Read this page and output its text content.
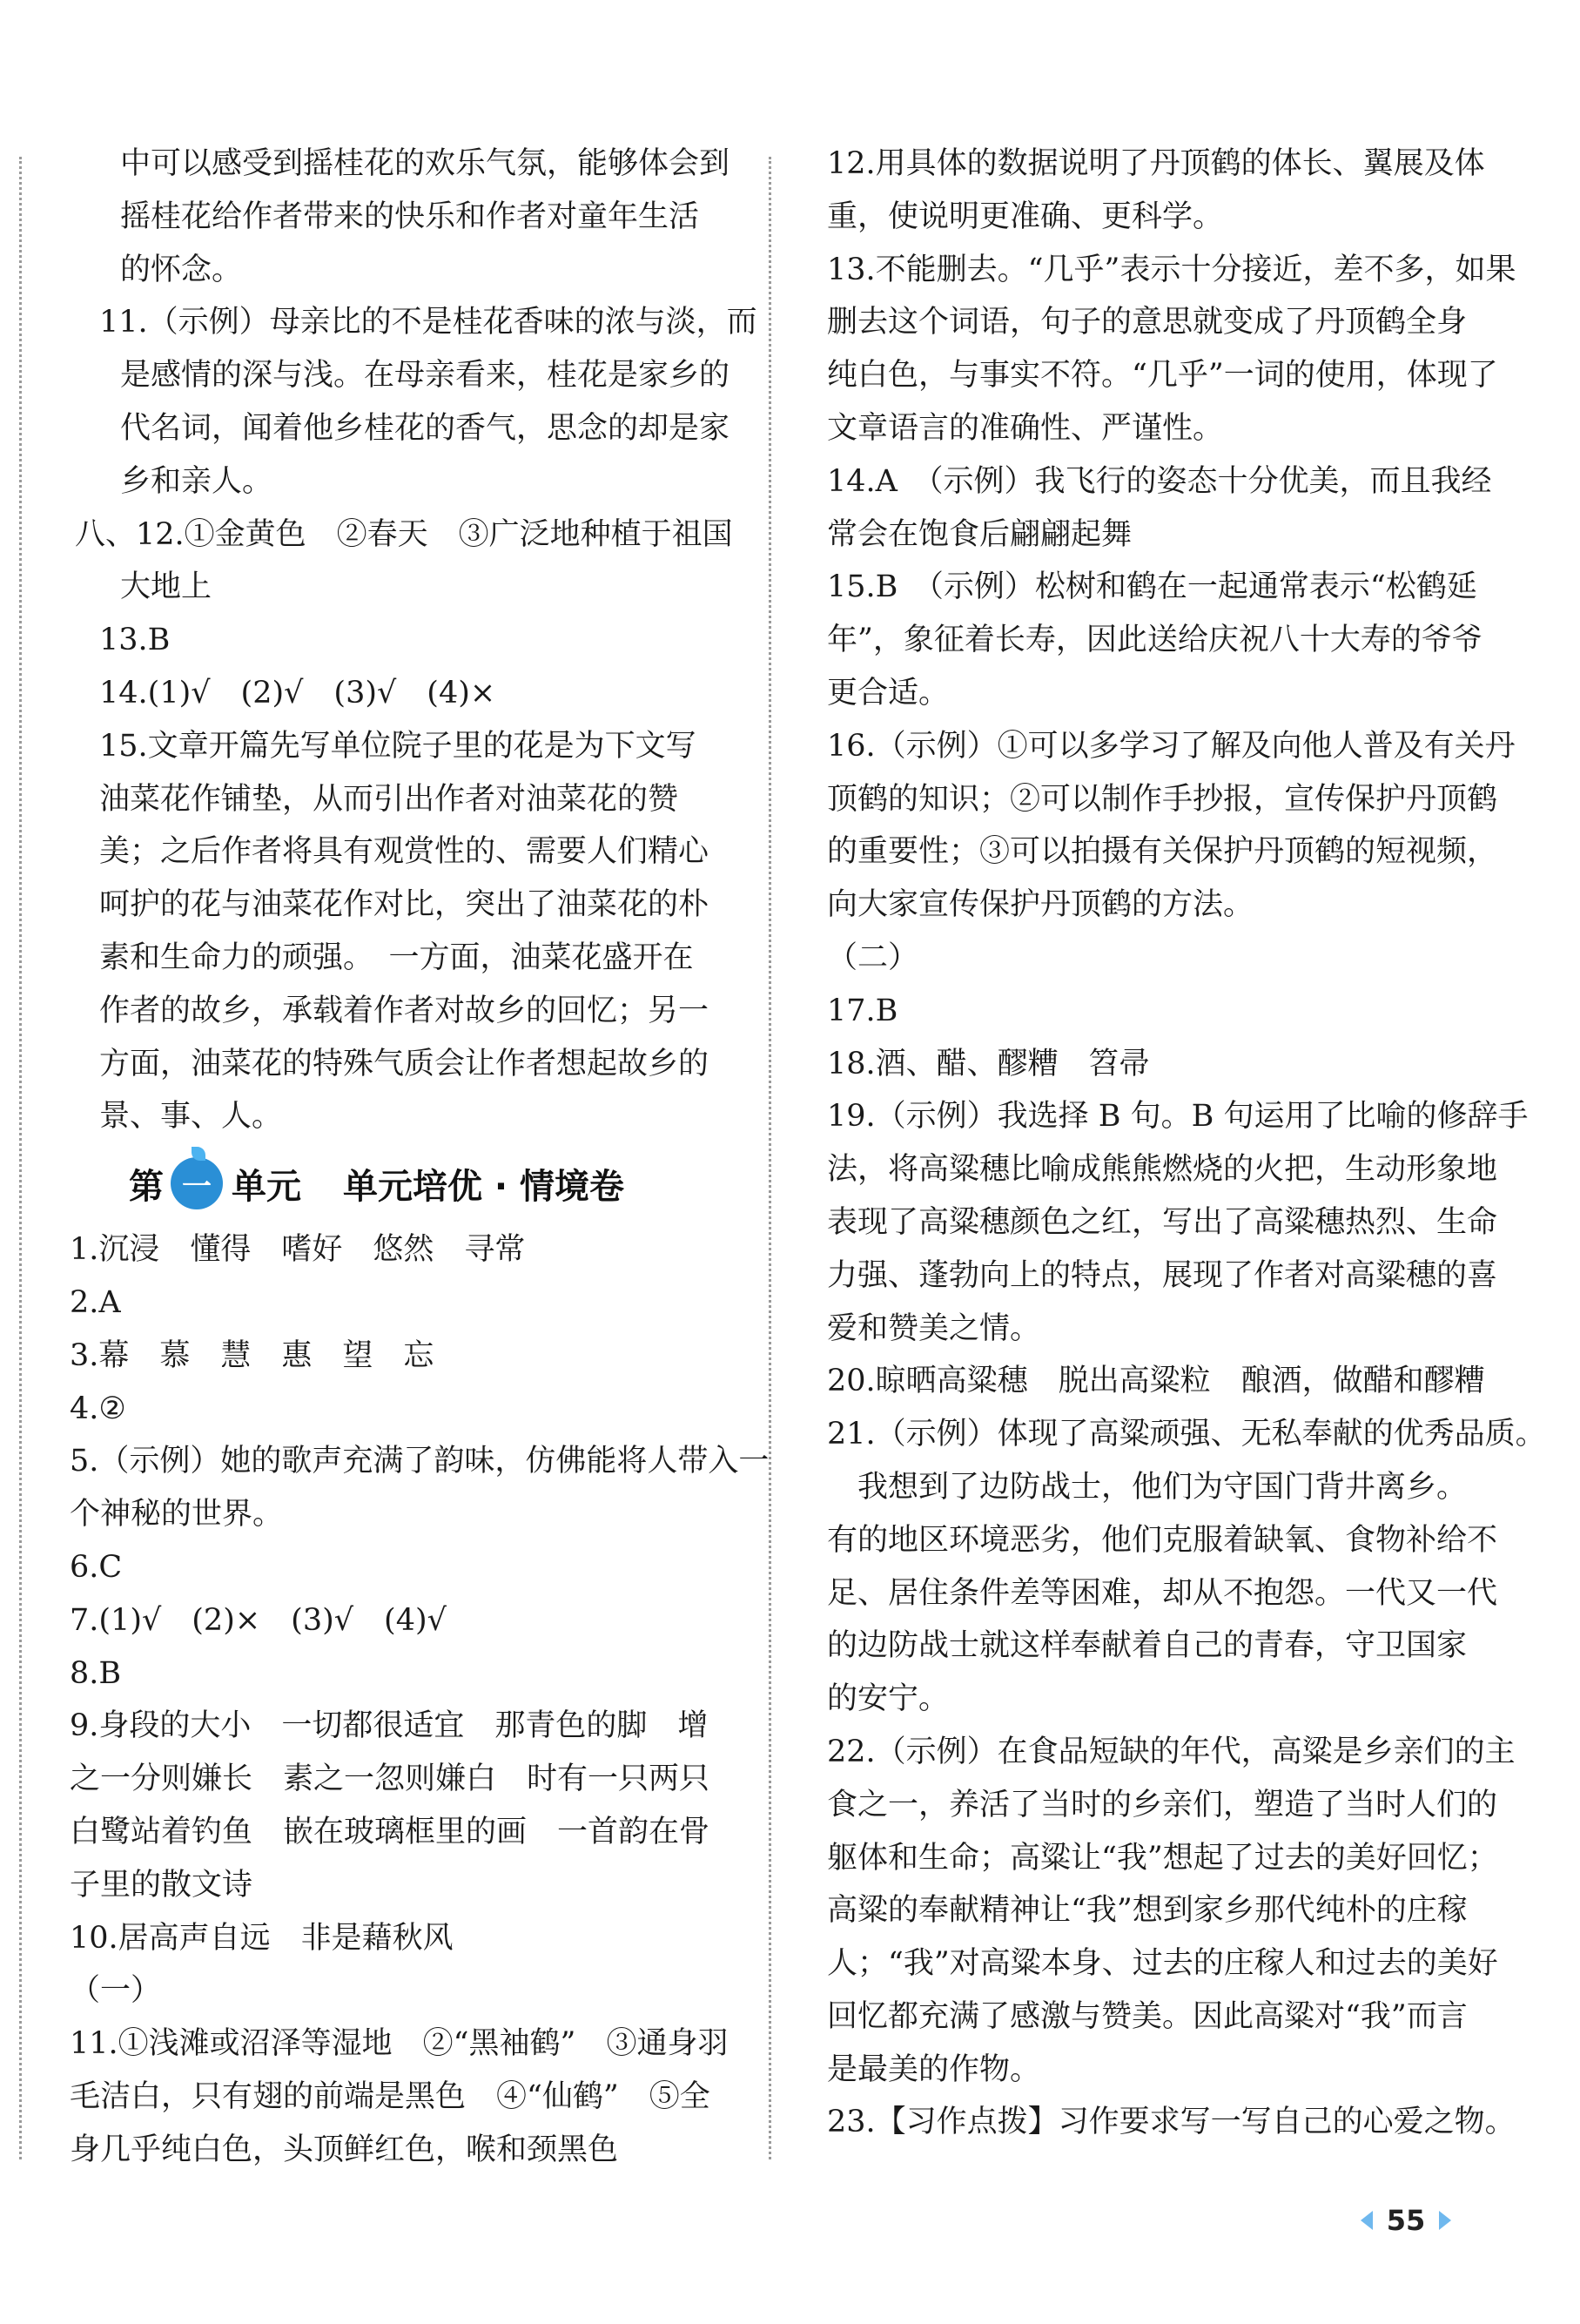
中可以感受到摇桂花的欢乐气氛，能够体会到
摇桂花给作者带来的快乐和作者对童年生活
的怀念。
11.（示例）母亲比的不是桂花香味的浓与淡，而
是感情的深与浅。在母亲看来，桂花是家乡的
代名词，闻着他乡桂花的香气，思念的却是家
乡和亲人。
八、12.①金黄色　②春天　③广泛地种植于祖国
大地上
13.B
14.(1)√　(2)√　(3)√　(4)×
15.文章开篇先写单位院子里的花是为下文写
油菜花作铺垫，从而引出作者对油菜花的赞
美；之后作者将具有观赏性的、需要人们精心
呵护的花与油菜花作对比，突出了油菜花的朴
素和生命力的顽强。　一方面，油菜花盛开在
作者的故乡，承载着作者对故乡的回忆；另一
方面，油菜花的特殊气质会让作者想起故乡的
景、事、人。
第 一 单元 单元培优 · 情境卷
1.沉浸　懂得　嗜好　悠然　寻常
2.A
3.幕　慕　慧　惠　望　忘
4.②
5.（示例）她的歌声充满了韵味，仿佛能将人带入一
个神秘的世界。
6.C
7.(1)√　(2)×　(3)√　(4)√
8.B
9.身段的大小　一切都很适宜　那青色的脚　增
之一分则嫌长　素之一忽则嫌白　时有一只两只
白鹭站着钓鱼　嵌在玻璃框里的画　一首韵在骨
子里的散文诗
10.居高声自远　非是藉秋风
（一）
11.①浅滩或沼泽等湿地　②“黑袖鹤”　③通身羽
毛洁白，只有翅的前端是黑色　④“仙鹤”　⑤全
身几乎纯白色，头顶鲜红色，喉和颈黑色
12.用具体的数据说明了丹顶鹤的体长、翼展及体
重，使说明更准确、更科学。
13.不能删去。“几乎”表示十分接近，差不多，如果
删去这个词语，句子的意思就变成了丹顶鹤全身
纯白色，与事实不符。“几乎”一词的使用，体现了
文章语言的准确性、严谨性。
14.A　（示例）我飞行的姿态十分优美，而且我经
常会在饱食后翩翩起舞
15.B　（示例）松树和鹤在一起通常表示“松鹤延
年”，象征着长寿，因此送给庆祝八十大寿的爷爷
更合适。
16.（示例）①可以多学习了解及向他人普及有关丹
顶鹤的知识；②可以制作手抄报，宣传保护丹顶鹤
的重要性；③可以拍摄有关保护丹顶鹤的短视频，
向大家宣传保护丹顶鹤的方法。
（二）
17.B
18.酒、醋、醪糟　笤帚
19.（示例）我选择 B 句。B 句运用了比喻的修辞手
法，将高粱穗比喻成熊熊燃烧的火把，生动形象地
表现了高粱穗颜色之红，写出了高粱穗热烈、生命
力强、蓬勃向上的特点，展现了作者对高粱穗的喜
爱和赞美之情。
20.晾晒高粱穗　脱出高粱粒　酿酒，做醋和醪糟
21.（示例）体现了高粱顽强、无私奉献的优秀品质。
我想到了边防战士，他们为守国门背井离乡。
有的地区环境恶劣，他们克服着缺氧、食物补给不
足、居住条件差等困难，却从不抱怨。一代又一代
的边防战士就这样奉献着自己的青春，守卫国家
的安宁。
22.（示例）在食品短缺的年代，高粱是乡亲们的主
食之一，养活了当时的乡亲们，塑造了当时人们的
躯体和生命；高粱让“我”想起了过去的美好回忆；
高粱的奉献精神让“我”想到家乡那代纯朴的庄稼
人；“我”对高粱本身、过去的庄稼人和过去的美好
回忆都充满了感激与赞美。因此高粱对“我”而言
是最美的作物。
23.【习作点拨】习作要求写一写自己的心爱之物。
55
